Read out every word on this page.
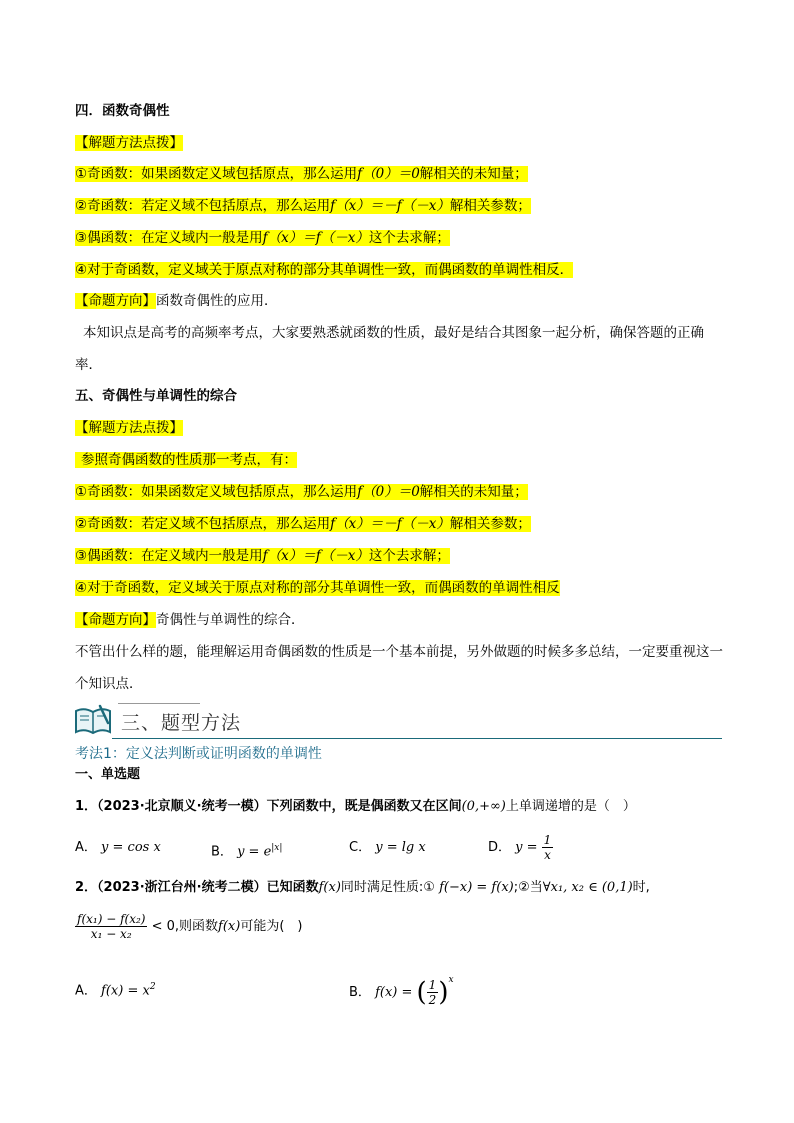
四．函数奇偶性
【解题方法点拨】
①奇函数：如果函数定义域包括原点，那么运用f（0）＝0解相关的未知量；
②奇函数：若定义域不包括原点，那么运用f（x）＝－f（－x）解相关参数；
③偶函数：在定义域内一般是用f（x）＝f（－x）这个去求解；
④对于奇函数，定义域关于原点对称的部分其单调性一致，而偶函数的单调性相反．
【命题方向】函数奇偶性的应用．
本知识点是高考的高频率考点，大家要熟悉就函数的性质，最好是结合其图象一起分析，确保答题的正确率．
五、奇偶性与单调性的综合
【解题方法点拨】
参照奇偶函数的性质那一考点，有：
①奇函数：如果函数定义域包括原点，那么运用f（0）＝0解相关的未知量；
②奇函数：若定义域不包括原点，那么运用f（x）＝－f（－x）解相关参数；
③偶函数：在定义域内一般是用f（x）＝f（－x）这个去求解；
④对于奇函数，定义域关于原点对称的部分其单调性一致，而偶函数的单调性相反
【命题方向】奇偶性与单调性的综合．
不管出什么样的题，能理解运用奇偶函数的性质是一个基本前提，另外做题的时候多多总结，一定要重视这一个知识点．
三、题型方法
考法1：定义法判断或证明函数的单调性
一、单选题
1．（2023·北京顺义·统考一模）下列函数中，既是偶函数又在区间(0,+∞)上单调递增的是（　）
A． y = cos x	B． $y = e^{|x|}$	C． y = lg x	D． $y = \frac{1}{x}$
2．（2023·浙江台州·统考二模）已知函数f(x)同时满足性质:① f(−x) = f(x);②当∀x₁, x₂ ∈ (0,1)时,
$\frac{\text{f(x₁) − f(x₂)}}{\text{x₁ − x₂}} < 0$,则函数f(x)可能为(　)
A． $f(x) = x^2$	B． f(x) = ( $\frac{1}{2} )^x$
